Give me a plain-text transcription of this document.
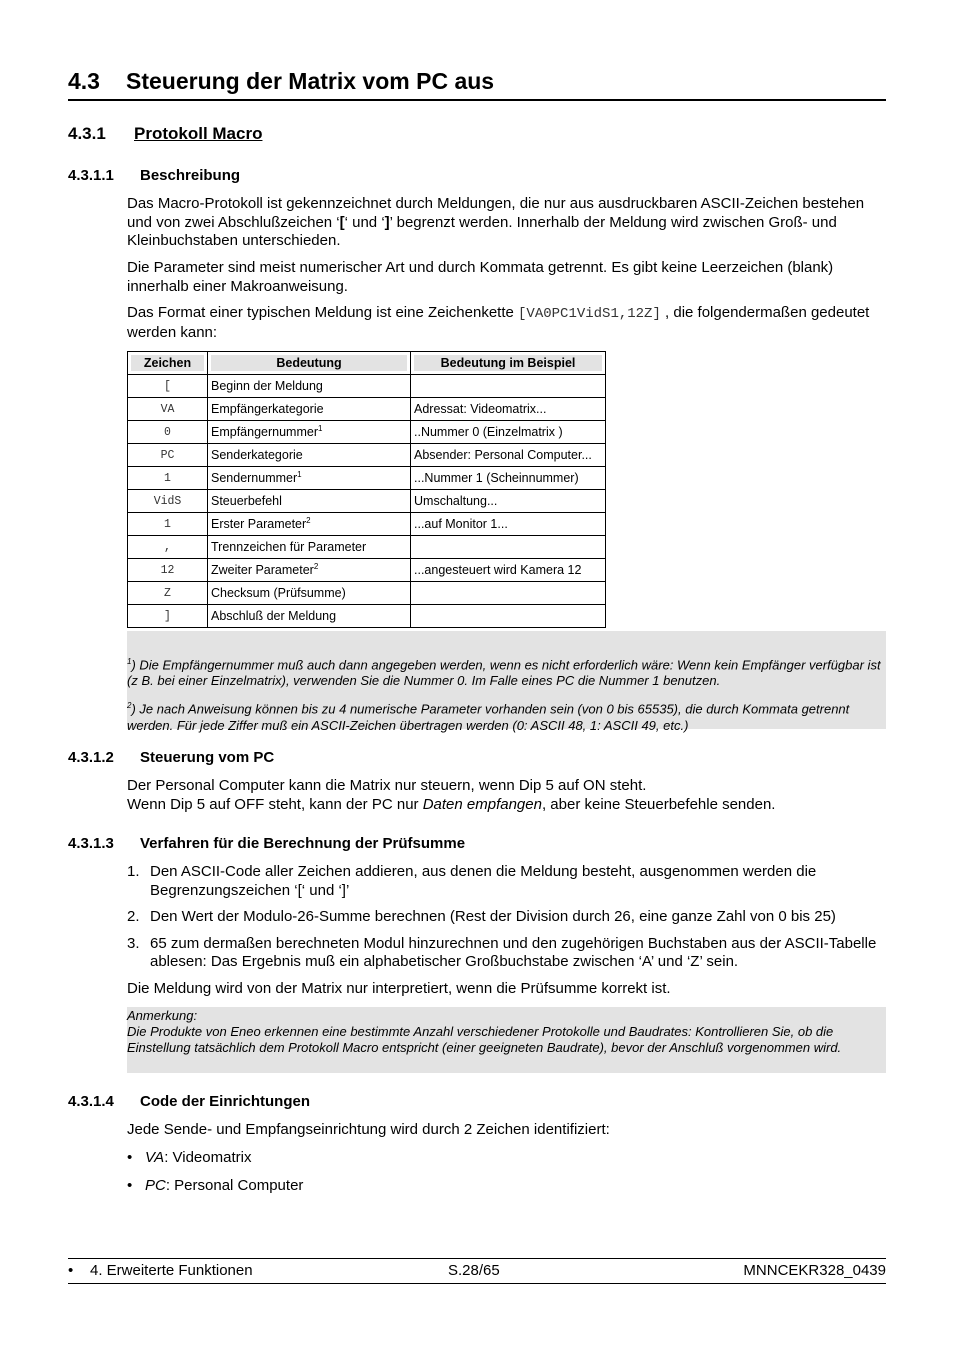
4.3 Steuerung der Matrix vom PC aus
4.3.1 Protokoll Macro
4.3.1.1 Beschreibung
Das Macro-Protokoll ist gekennzeichnet durch Meldungen, die nur aus ausdruckbaren ASCII-Zeichen bestehen und von zwei Abschlußzeichen ‘[‘ und ‘]’ begrenzt werden. Innerhalb der Meldung wird zwischen Groß- und Kleinbuchstaben unterschieden.
Die Parameter sind meist numerischer Art und durch Kommata getrennt. Es gibt keine Leerzeichen (blank) innerhalb einer Makroanweisung.
Das Format einer typischen Meldung ist eine Zeichenkette [VA0PC1VidS1,12Z] , die folgendermaßen gedeutet werden kann:
Zeichen	Bedeutung	Bedeutung im Beispiel

[	Beginn der Meldung	
VA	Empfängerkategorie	Adressat: Videomatrix...
0	Empfängernummer$^1$	..Nummer 0 (Einzelmatrix )
PC	Senderkategorie	Absender: Personal Computer...
1	Sendernummer$^1$	...Nummer 1 (Scheinnummer)
VidS	Steuerbefehl	Umschaltung...
1	Erster Parameter$^2$	...auf Monitor 1...
,	Trennzeichen für Parameter	
12	Zweiter Parameter$^2$	...angesteuert wird Kamera 12
Z	Checksum (Prüfsumme)	
]	Abschluß der Meldung	

$^1$) Die Empfängernummer muß auch dann angegeben werden, wenn es nicht erforderlich wäre: Wenn kein Empfänger verfügbar ist (z B. bei einer Einzelmatrix), verwenden Sie die Nummer 0. Im Falle eines PC die Nummer 1 benutzen.

$^2$) Je nach Anweisung können bis zu 4 numerische Parameter vorhanden sein (von 0 bis 65535), die durch Kommata getrennt werden. Für jede Ziffer muß ein ASCII-Zeichen übertragen werden (0: ASCII 48, 1: ASCII 49, etc.)

4.3.1.2 Steuerung vom PC
Der Personal Computer kann die Matrix nur steuern, wenn Dip 5 auf ON steht.
Wenn Dip 5 auf OFF steht, kann der PC nur Daten empfangen, aber keine Steuerbefehle senden.
4.3.1.3 Verfahren für die Berechnung der Prüfsumme
1. Den ASCII-Code aller Zeichen addieren, aus denen die Meldung besteht, ausgenommen werden die Begrenzungszeichen ‘[‘ und ‘]’
2. Den Wert der Modulo-26-Summe berechnen (Rest der Division durch 26, eine ganze Zahl von 0 bis 25)
3. 65 zum dermaßen berechneten Modul hinzurechnen und den zugehörigen Buchstaben aus der ASCII-Tabelle ablesen: Das Ergebnis muß ein alphabetischer Großbuchstabe zwischen ‘A’ und ‘Z’ sein.
Die Meldung wird von der Matrix nur interpretiert, wenn die Prüfsumme korrekt ist.

Anmerkung:

Die Produkte von Eneo erkennen eine bestimmte Anzahl verschiedener Protokolle und Baudrates: Kontrollieren Sie, ob die Einstellung tatsächlich dem Protokoll Macro entspricht (einer geeigneten Baudrate), bevor der Anschluß vorgenommen wird.

4.3.1.4 Code der Einrichtungen
Jede Sende- und Empfangseinrichtung wird durch 2 Zeichen identifiziert:
• VA: Videomatrix
• PC: Personal Computer
• 4. Erweiterte Funktionen	S.28/65	MNNCEKR328_0439
